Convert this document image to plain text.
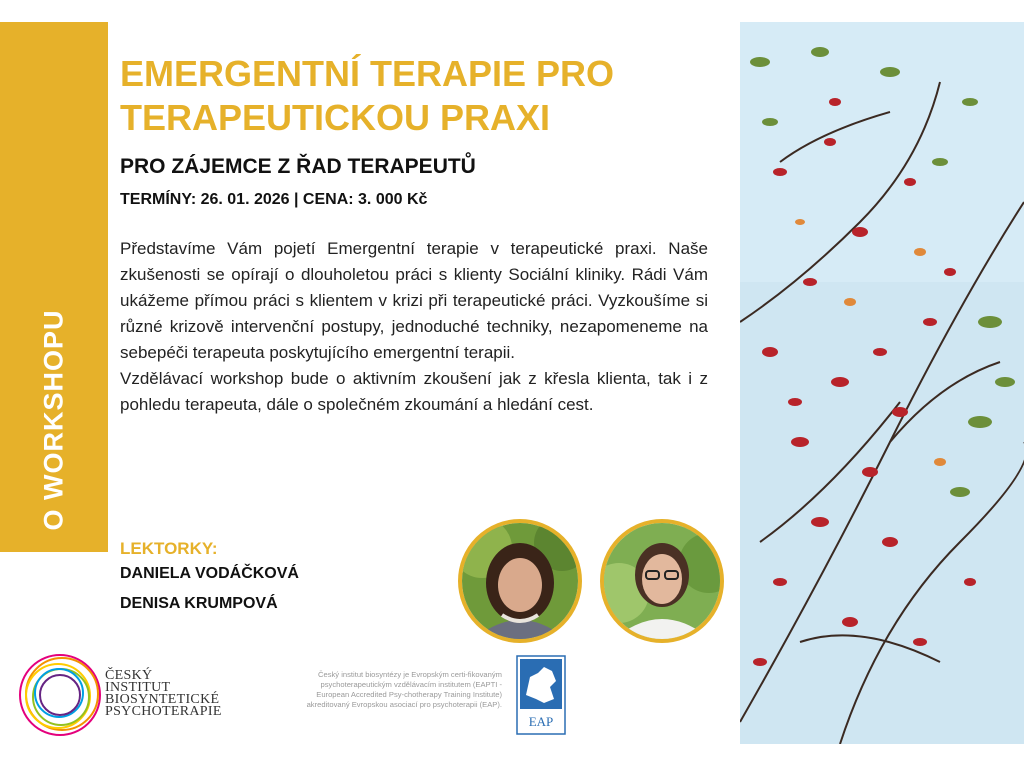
O WORKSHOPU
EMERGENTNÍ TERAPIE PRO TERAPEUTICKOU PRAXI
PRO ZÁJEMCE Z ŘAD TERAPEUTŮ

TERMÍNY: 26. 01. 2026 | CENA: 3. 000 Kč

Představíme Vám pojetí Emergentní terapie v terapeutické praxi. Naše zkušenosti se opírají o dlouholetou práci s klienty Sociální kliniky. Rádi Vám ukážeme přímou práci s klientem v krizi při terapeutické práci. Vyzkoušíme si různé krizově intervenční postupy, jednoduché techniky, nezapomeneme na sebepéči terapeuta poskytujícího emergentní terapii.

Vzdělávací workshop bude o aktivním zkoušení jak z křesla klienta, tak i z pohledu terapeuta, dále o společném zkoumání a hledání cest.

LEKTORKY:
DANIELA VODÁČKOVÁ
DENISA KRUMPOVÁ
ČESKÝ
INSTITUT
BIOSYNTETICKÉ
PSYCHOTERAPIE
Český institut biosyntézy je Evropským certi-fikovaným psychoterapeutickým vzdělávacím institutem (EAPTI - European Accredited Psy-chotherapy Training Institute) akreditovaný Evropskou asociací pro psychoterapii (EAP).
EAP
